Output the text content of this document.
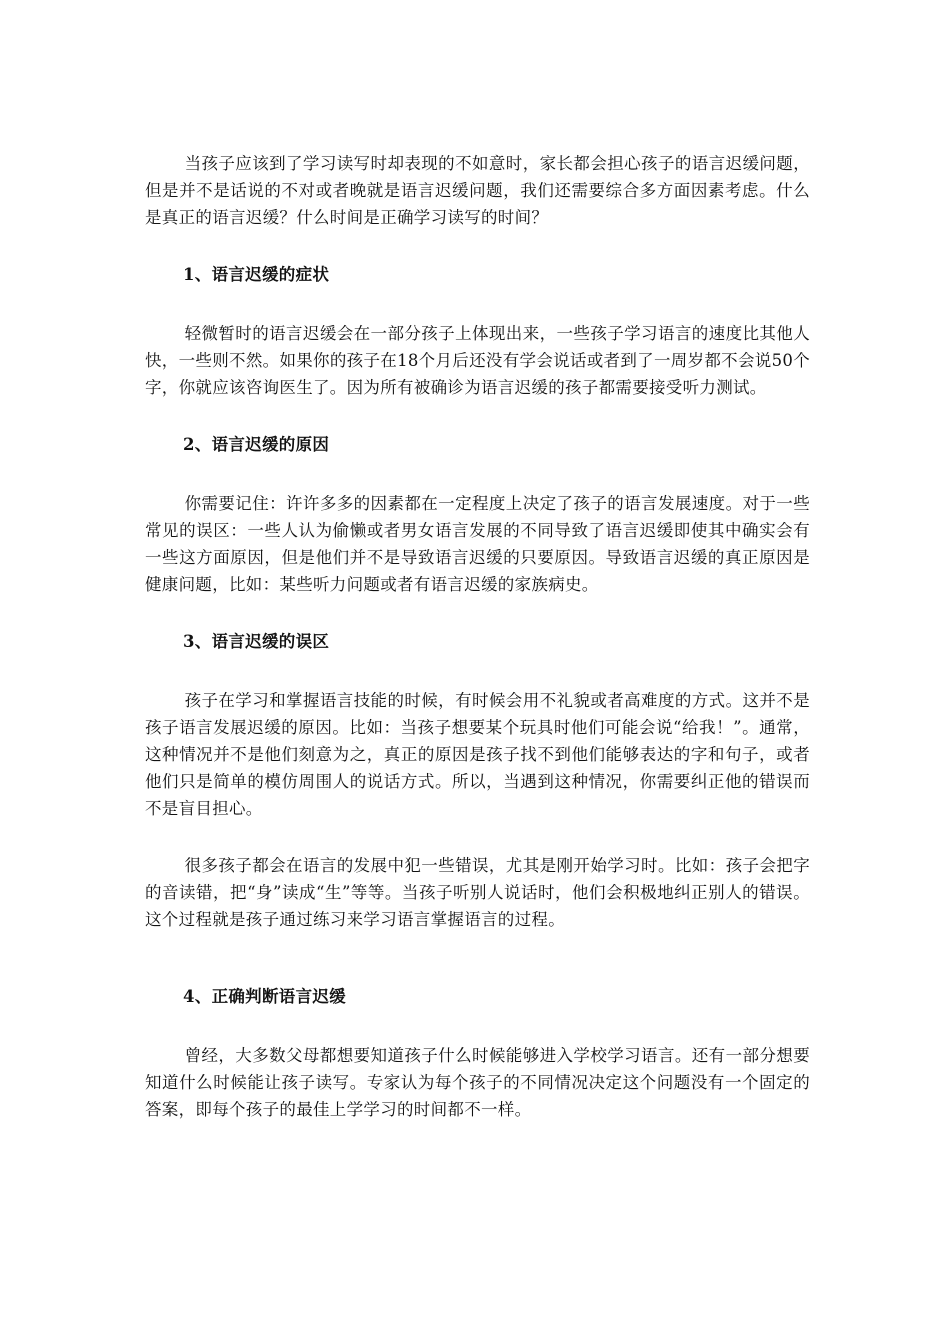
当孩子应该到了学习读写时却表现的不如意时，家长都会担心孩子的语言迟缓问题，但是并不是话说的不对或者晚就是语言迟缓问题，我们还需要综合多方面因素考虑。什么是真正的语言迟缓？什么时间是正确学习读写的时间？

1、语言迟缓的症状

轻微暂时的语言迟缓会在一部分孩子上体现出来，一些孩子学习语言的速度比其他人快，一些则不然。如果你的孩子在18个月后还没有学会说话或者到了一周岁都不会说50个字，你就应该咨询医生了。因为所有被确诊为语言迟缓的孩子都需要接受听力测试。

2、语言迟缓的原因

你需要记住：许许多多的因素都在一定程度上决定了孩子的语言发展速度。对于一些常见的误区：一些人认为偷懒或者男女语言发展的不同导致了语言迟缓即使其中确实会有一些这方面原因，但是他们并不是导致语言迟缓的只要原因。导致语言迟缓的真正原因是健康问题，比如：某些听力问题或者有语言迟缓的家族病史。

3、语言迟缓的误区

孩子在学习和掌握语言技能的时候，有时候会用不礼貌或者高难度的方式。这并不是孩子语言发展迟缓的原因。比如：当孩子想要某个玩具时他们可能会说“给我！”。通常，这种情况并不是他们刻意为之，真正的原因是孩子找不到他们能够表达的字和句子，或者他们只是简单的模仿周围人的说话方式。所以，当遇到这种情况，你需要纠正他的错误而不是盲目担心。

很多孩子都会在语言的发展中犯一些错误，尤其是刚开始学习时。比如：孩子会把字的音读错，把“身”读成“生”等等。当孩子听别人说话时，他们会积极地纠正别人的错误。这个过程就是孩子通过练习来学习语言掌握语言的过程。

4、正确判断语言迟缓

曾经，大多数父母都想要知道孩子什么时候能够进入学校学习语言。还有一部分想要知道什么时候能让孩子读写。专家认为每个孩子的不同情况决定这个问题没有一个固定的答案，即每个孩子的最佳上学学习的时间都不一样。
